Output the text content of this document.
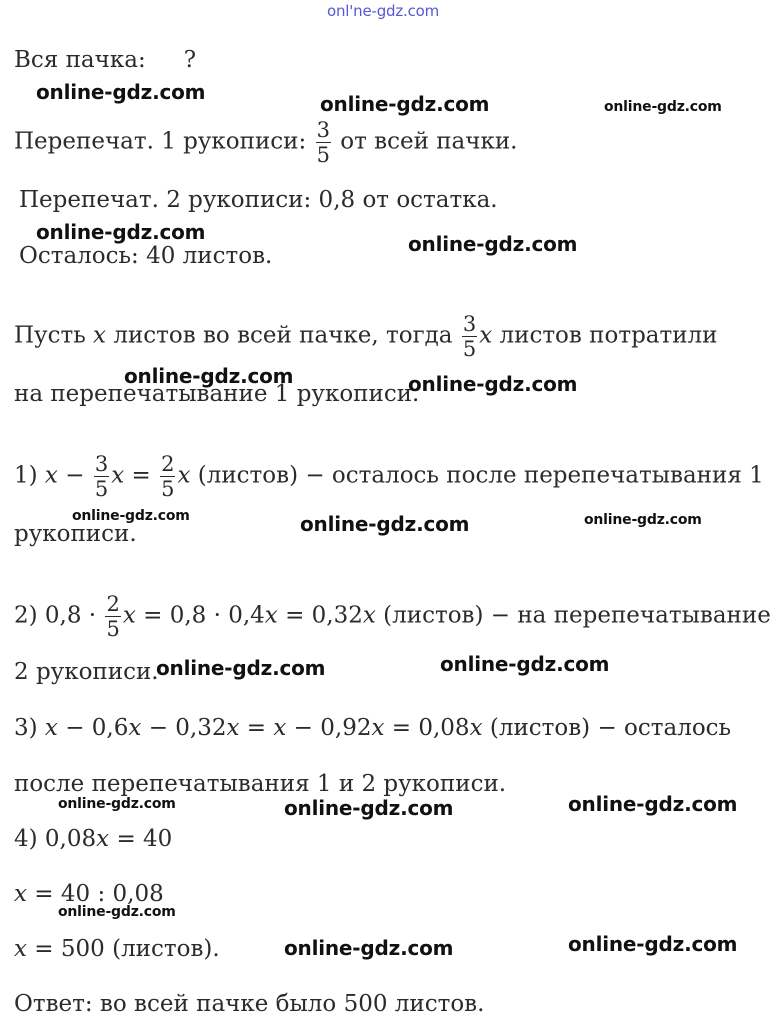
Вся пачка: ?
Перепечат. 1 рукописи: $\frac{3}{5}$ от всей пачки.
Перепечат. 2 рукописи: 0,8 от остатка.
Осталось: 40 листов.
Пусть x листов во всей пачке, тогда $\frac{3}{5}$ x листов потратили
на перепечатывание 1 рукописи.
1) $x - \frac{3}{5}$ $x = \frac{2}{5}$ x (листов) − осталось после перепечатывания 1
рукописи.
2) $0,8 \cdot \frac{2}{5}$ x = 0,8 · 0,4x = 0,32x (листов) − на перепечатывание
2 рукописи.
3) x − 0,6x − 0,32x = x − 0,92x = 0,08x (листов) − осталось
после перепечатывания 1 и 2 рукописи.
4) 0,08x = 40
x = 40 : 0,08
x = 500 (листов).
Ответ: во всей пачке было 500 листов.
onl'ne-gdz.com
online-gdz.com	online-gdz.com	online-gdz.com
online-gdz.com	online-gdz.com
online-gdz.com	online-gdz.com
online-gdz.com	online-gdz.com	online-gdz.com
online-gdz.com	online-gdz.com
online-gdz.com	online-gdz.com	online-gdz.com
online-gdz.com
online-gdz.com	online-gdz.com
